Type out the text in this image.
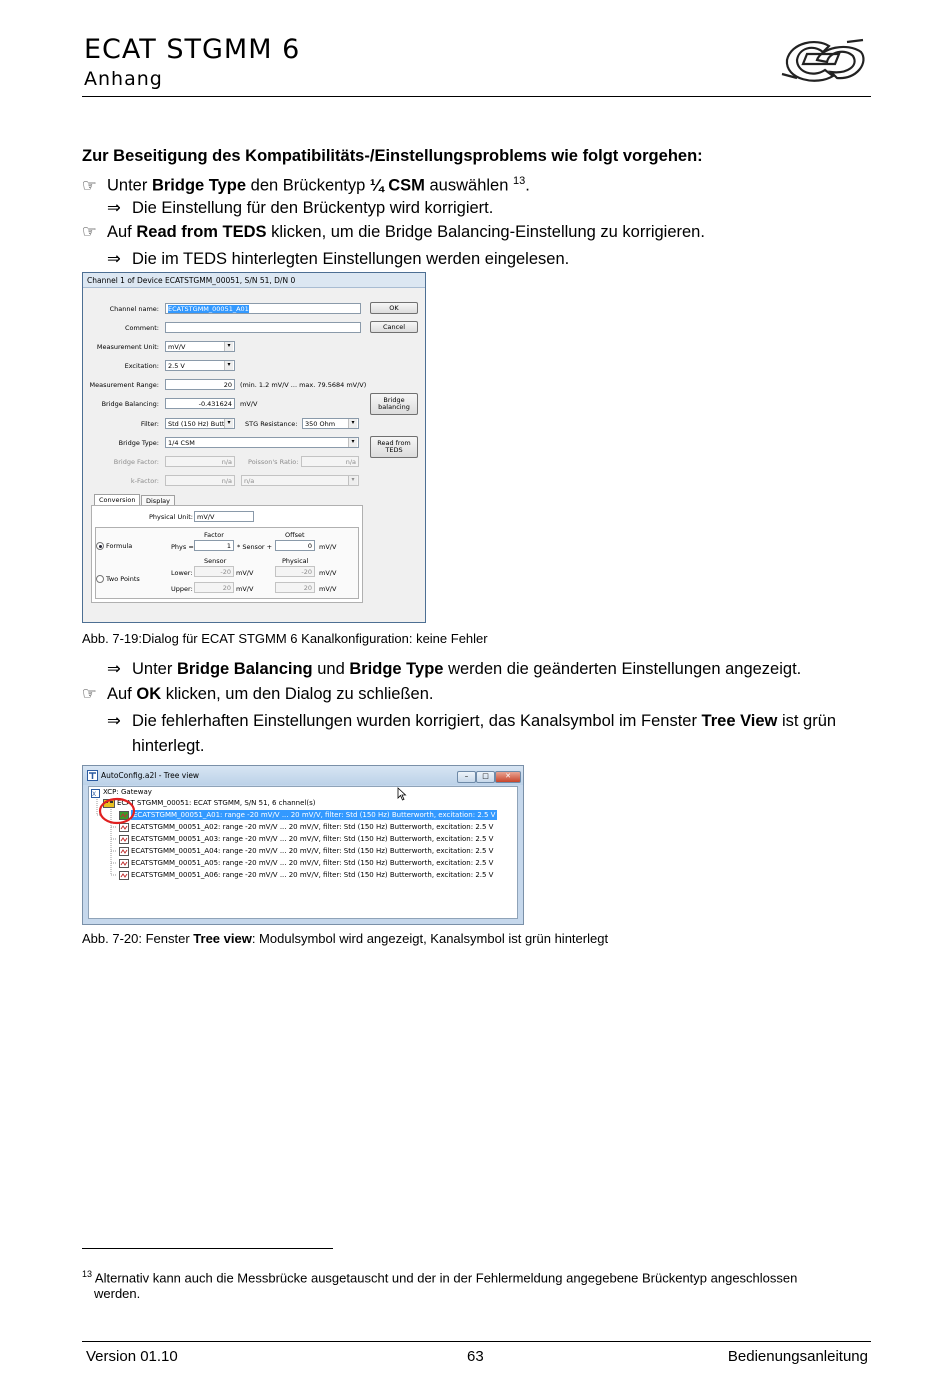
ECAT STGMM 6
Anhang
Zur Beseitigung des Kompatibilitäts-/Einstellungsproblems wie folgt vorgehen:
☞ Unter Bridge Type den Brückentyp ¼ CSM auswählen $^{13}$.
⇒ Die Einstellung für den Brückentyp wird korrigiert.
☞ Auf Read from TEDS klicken, um die Bridge Balancing-Einstellung zu korrigieren.
⇒ Die im TEDS hinterlegten Einstellungen werden eingelesen.
Channel 1 of Device ECATSTGMM_00051, S/N 51, D/N 0
Channel name:	ECATSTGMM_00051_A01	OK
Comment:	Cancel
Measurement Unit:	mV/V ▾
Excitation:	2.5 V ▾
Measurement Range:	20	(min. 1.2 mV/V ... max. 79.5684 mV/V)
Bridge Balancing:	-0.431624	mV/V	Bridge
balancing
Filter:	Std (150 Hz) Butt ▾	STG Resistance:	350 Ohm ▾
Bridge Type:	1/4 CSM ▾	Read from
TEDS
Bridge Factor:	n/a	Poisson's Ratio:	n/a
k-Factor:	n/a	n/a ▾
Conversion	Display
Physical Unit: mV/V
Factor	Offset
Formula	Phys =	1 * Sensor +	0	mV/V
Sensor	Physical
Two Points
Lower:	-20 mV/V	-20	mV/V
Upper:	20 mV/V	20	mV/V
Abb. 7-19:Dialog für ECAT STGMM 6 Kanalkonfiguration: keine Fehler
⇒ Unter Bridge Balancing und Bridge Type werden die geänderten Einstellungen angezeigt.
☞ Auf OK klicken, um den Dialog zu schließen.
⇒ Die fehlerhaften Einstellungen wurden korrigiert, das Kanalsymbol im Fenster Tree View ist grün
hinterlegt.
AutoConfig.a2l - Tree view	–	□	✕
X XCP: Gateway
ECAT STGMM_00051: ECAT STGMM, S/N 51, 6 channel(s)
ECATSTGMM_00051_A01: range -20 mV/V ... 20 mV/V, filter: Std (150 Hz) Butterworth, excitation: 2.5 V
ECATSTGMM_00051_A02: range -20 mV/V ... 20 mV/V, filter: Std (150 Hz) Butterworth, excitation: 2.5 V
ECATSTGMM_00051_A03: range -20 mV/V ... 20 mV/V, filter: Std (150 Hz) Butterworth, excitation: 2.5 V
ECATSTGMM_00051_A04: range -20 mV/V ... 20 mV/V, filter: Std (150 Hz) Butterworth, excitation: 2.5 V
ECATSTGMM_00051_A05: range -20 mV/V ... 20 mV/V, filter: Std (150 Hz) Butterworth, excitation: 2.5 V
ECATSTGMM_00051_A06: range -20 mV/V ... 20 mV/V, filter: Std (150 Hz) Butterworth, excitation: 2.5 V
Abb. 7-20: Fenster Tree view: Modulsymbol wird angezeigt, Kanalsymbol ist grün hinterlegt
$^{13}$ Alternativ kann auch die Messbrücke ausgetauscht und der in der Fehlermeldung angegebene Brückentyp angeschlossen
werden.
Version 01.10	63	Bedienungsanleitung
